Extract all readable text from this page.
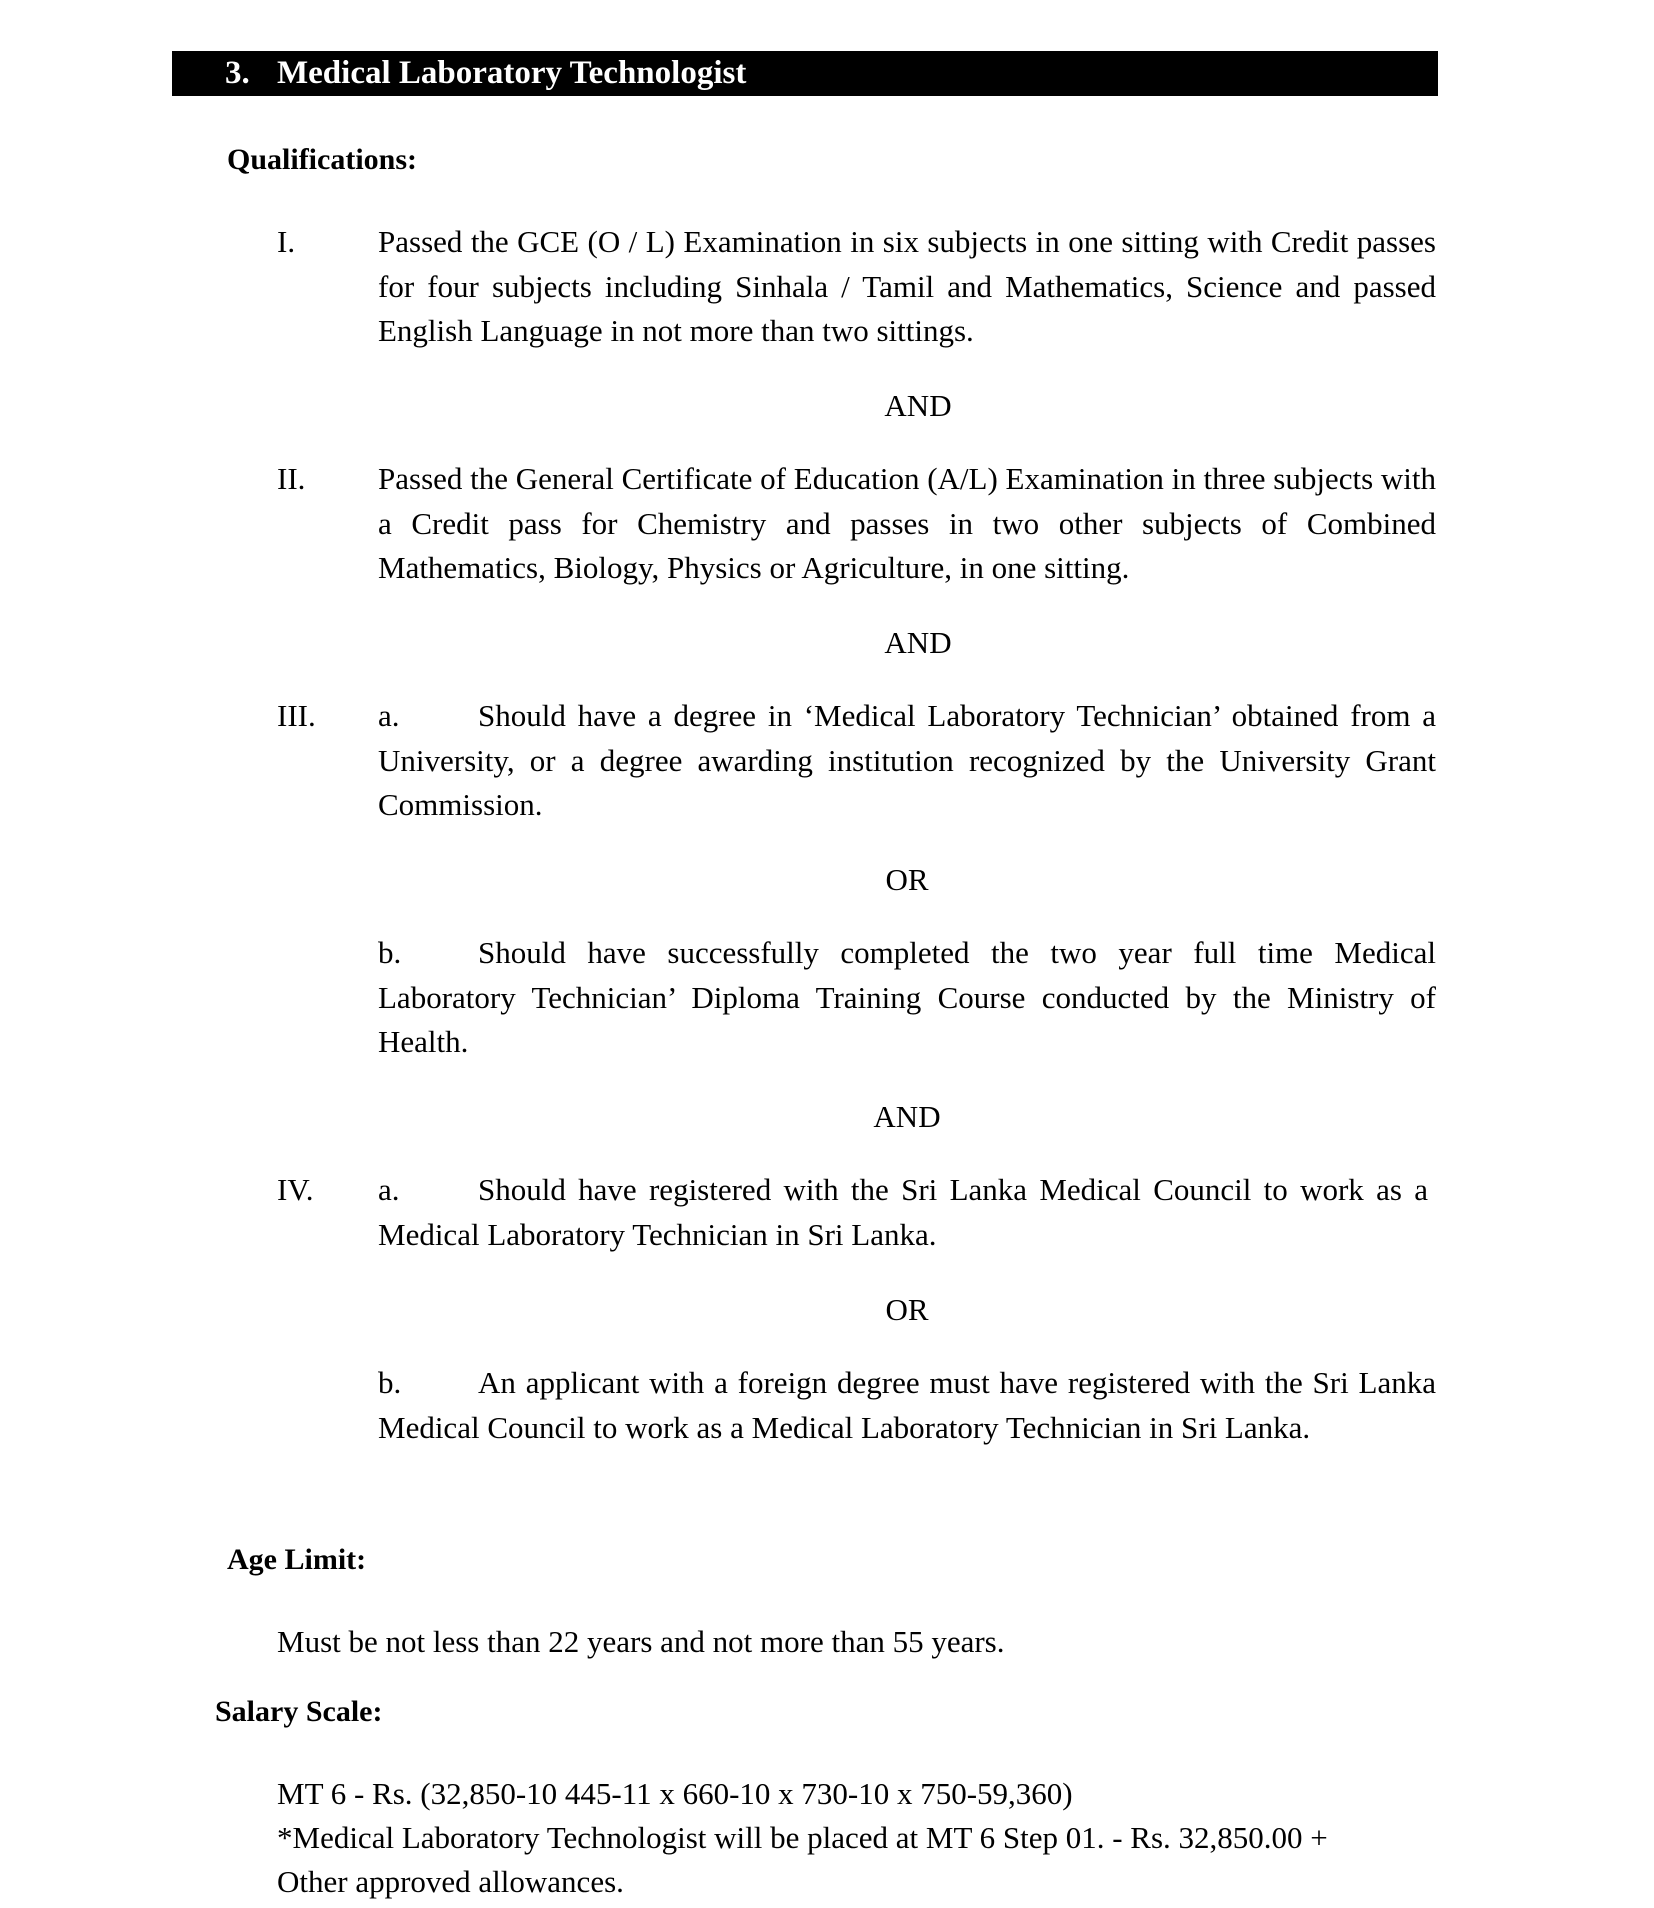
3. Medical Laboratory Technologist
Qualifications:
I.	Passed the GCE (O / L) Examination in six subjects in one sitting with Credit passes for four subjects including Sinhala / Tamil and Mathematics, Science and passed English Language in not more than two sittings.
AND
II. Passed the General Certificate of Education (A/L) Examination in three subjects with a Credit pass for Chemistry and passes in two other subjects of Combined Mathematics, Biology, Physics or Agriculture, in one sitting.
AND
III. a.	Should have a degree in ‘Medical Laboratory Technician’ obtained from a University, or a degree awarding institution recognized by the University Grant Commission.
OR
b. Should have successfully completed the two year full time Medical Laboratory Technician’ Diploma Training Course conducted by the Ministry of Health.
AND
IV. a.	Should have registered with the Sri Lanka Medical Council to work as a Medical Laboratory Technician in Sri Lanka.
OR
b. An applicant with a foreign degree must have registered with the Sri Lanka Medical Council to work as a Medical Laboratory Technician in Sri Lanka.
Age Limit:
Must be not less than 22 years and not more than 55 years.
Salary Scale:
MT 6 - Rs. (32,850-10 445-11 x 660-10 x 730-10 x 750-59,360)
*Medical Laboratory Technologist will be placed at MT 6 Step 01. - Rs. 32,850.00 +
Other approved allowances.
